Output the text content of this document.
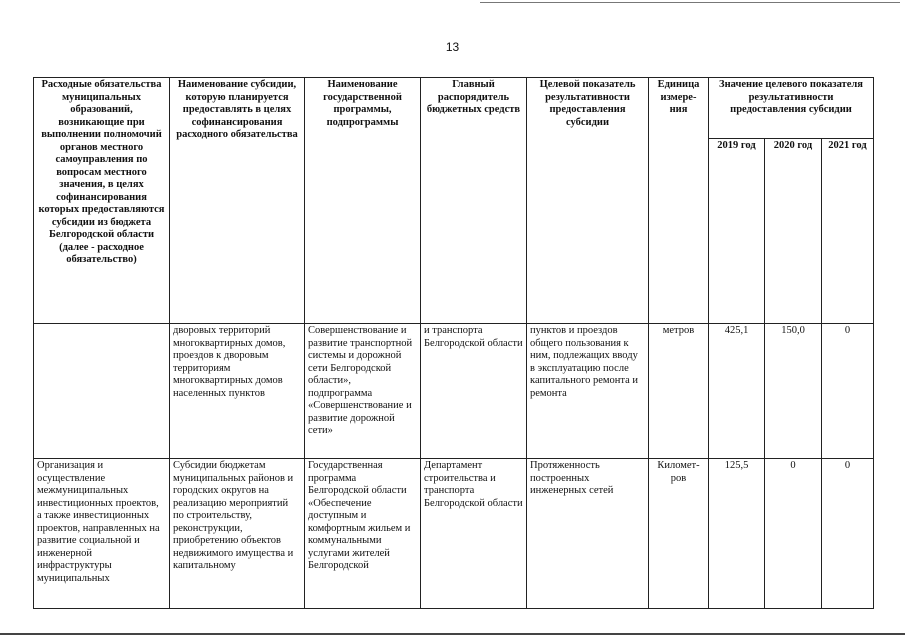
13
Расходные обязательства муниципальных образований, возникающие при выполнении полномочий органов местного самоуправления по вопросам местного значения, в целях софинансирования которых предоставляются субсидии из бюджета Белгородской области (далее - расходное обязательство)	Наименование субсидии, которую планируется предоставлять в целях софинансирования расходного обязательства	Наименование государственной программы, подпрограммы	Главный распорядитель бюджетных средств	Целевой показатель результативности предоставления субсидии	Единица измере-ния	Значение целевого показателя результативности предоставления субсидии		
						2019 год	2020 год	2021 год
	дворовых территорий многоквартирных домов, проездов к дворовым территориям многоквартирных домов населенных пунктов	Совершенствование и развитие транспортной системы и дорожной сети Белгородской области», подпрограмма «Совершенствование и развитие дорожной сети»	и транспорта Белгородской области	пунктов и проездов общего пользования к ним, подлежащих вводу в эксплуатацию после капитального ремонта и ремонта	метров	425,1	150,0	0
Организация и осуществление межмуниципальных инвестиционных проектов, а также инвестиционных проектов, направленных на развитие социальной и инженерной инфраструктуры муниципальных	Субсидии бюджетам муниципальных районов и городских округов на реализацию мероприятий по строительству, реконструкции, приобретению объектов недвижимого имущества и капитальному	Государственная программа Белгородской области «Обеспечение доступным и комфортным жильем и коммунальными услугами жителей Белгородской	Департамент строительства и транспорта Белгородской области	Протяженность построенных инженерных сетей	Километ-ров	125,5	0	0
